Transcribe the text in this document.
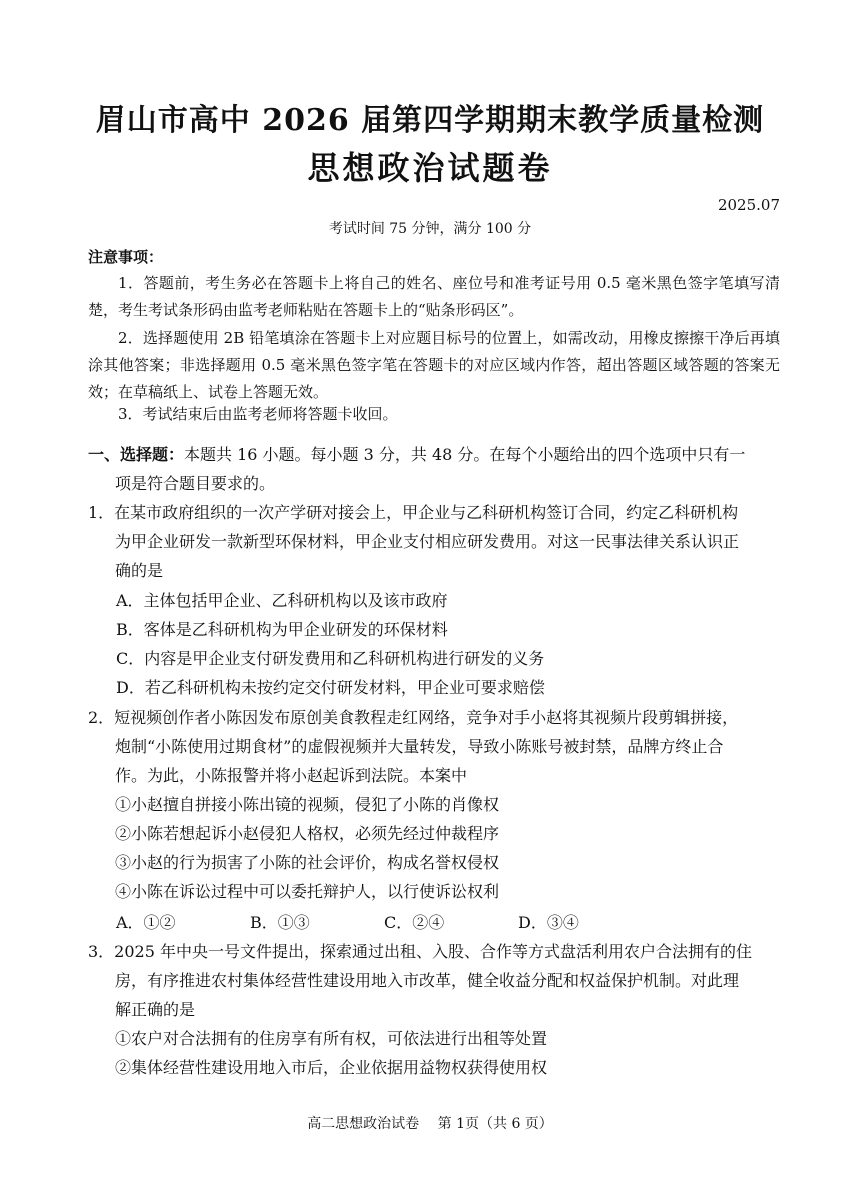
眉山市高中 2026 届第四学期期末教学质量检测
思想政治试题卷
2025.07
考试时间 75 分钟，满分 100 分
注意事项：
1．答题前，考生务必在答题卡上将自己的姓名、座位号和准考证号用 0.5 毫米黑色签字笔填写清楚，考生考试条形码由监考老师粘贴在答题卡上的“贴条形码区”。
2．选择题使用 2B 铅笔填涂在答题卡上对应题目标号的位置上，如需改动，用橡皮擦擦干净后再填涂其他答案；非选择题用 0.5 毫米黑色签字笔在答题卡的对应区域内作答，超出答题区域答题的答案无效；在草稿纸上、试卷上答题无效。
3．考试结束后由监考老师将答题卡收回。
一、选择题：本题共 16 小题。每小题 3 分，共 48 分。在每个小题给出的四个选项中只有一
项是符合题目要求的。
1．在某市政府组织的一次产学研对接会上，甲企业与乙科研机构签订合同，约定乙科研机构
为甲企业研发一款新型环保材料，甲企业支付相应研发费用。对这一民事法律关系认识正
确的是
A．主体包括甲企业、乙科研机构以及该市政府
B．客体是乙科研机构为甲企业研发的环保材料
C．内容是甲企业支付研发费用和乙科研机构进行研发的义务
D．若乙科研机构未按约定交付研发材料，甲企业可要求赔偿
2．短视频创作者小陈因发布原创美食教程走红网络，竞争对手小赵将其视频片段剪辑拼接，
炮制“小陈使用过期食材”的虚假视频并大量转发，导致小陈账号被封禁，品牌方终止合
作。为此，小陈报警并将小赵起诉到法院。本案中
①小赵擅自拼接小陈出镜的视频，侵犯了小陈的肖像权
②小陈若想起诉小赵侵犯人格权，必须先经过仲裁程序
③小赵的行为损害了小陈的社会评价，构成名誉权侵权
④小陈在诉讼过程中可以委托辩护人，以行使诉讼权利
A．①②	B．①③	C．②④	D．③④
3．2025 年中央一号文件提出，探索通过出租、入股、合作等方式盘活利用农户合法拥有的住
房，有序推进农村集体经营性建设用地入市改革，健全收益分配和权益保护机制。对此理
解正确的是
①农户对合法拥有的住房享有所有权，可依法进行出租等处置
②集体经营性建设用地入市后，企业依据用益物权获得使用权
高二思想政治试卷　 第 1页（共 6 页）
